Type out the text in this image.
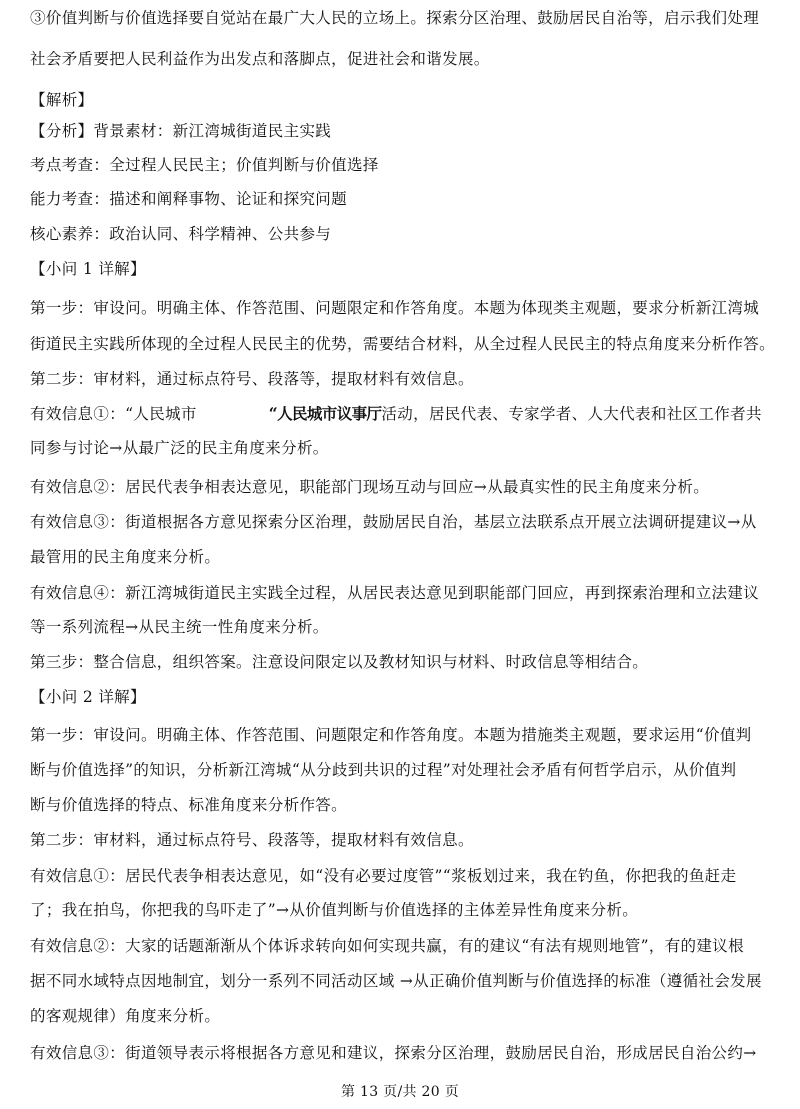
③价值判断与价值选择要自觉站在最广大人民的立场上。探索分区治理、鼓励居民自治等，启示我们处理
社会矛盾要把人民利益作为出发点和落脚点，促进社会和谐发展。
【解析】
【分析】背景素材：新江湾城街道民主实践
考点考查：全过程人民民主；价值判断与价值选择
能力考查：描述和阐释事物、论证和探究问题
核心素养：政治认同、科学精神、公共参与
【小问 1 详解】
第一步：审设问。明确主体、作答范围、问题限定和作答角度。本题为体现类主观题，要求分析新江湾城
街道民主实践所体现的全过程人民民主的优势，需要结合材料，从全过程人民民主的特点角度来分析作答。
第二步：审材料，通过标点符号、段落等，提取材料有效信息。
有效信息①：“人民城市	“人民城市议事厅活动，居民代表、专家学者、人大代表和社区工作者共
同参与讨论→从最广泛的民主角度来分析。
有效信息②：居民代表争相表达意见，职能部门现场互动与回应→从最真实性的民主角度来分析。
有效信息③：街道根据各方意见探索分区治理，鼓励居民自治，基层立法联系点开展立法调研提建议→从
最管用的民主角度来分析。
有效信息④：新江湾城街道民主实践全过程，从居民表达意见到职能部门回应，再到探索治理和立法建议
等一系列流程→从民主统一性角度来分析。
第三步：整合信息，组织答案。注意设问限定以及教材知识与材料、时政信息等相结合。
【小问 2 详解】
第一步：审设问。明确主体、作答范围、问题限定和作答角度。本题为措施类主观题，要求运用“价值判
断与价值选择”的知识，分析新江湾城“从分歧到共识的过程”对处理社会矛盾有何哲学启示，从价值判
断与价值选择的特点、标准角度来分析作答。
第二步：审材料，通过标点符号、段落等，提取材料有效信息。
有效信息①：居民代表争相表达意见，如“没有必要过度管”“浆板划过来，我在钓鱼，你把我的鱼赶走
了；我在拍鸟，你把我的鸟吓走了”→从价值判断与价值选择的主体差异性角度来分析。
有效信息②：大家的话题渐渐从个体诉求转向如何实现共赢，有的建议“有法有规则地管”，有的建议根
据不同水域特点因地制宜，划分一系列不同活动区域 →从正确价值判断与价值选择的标准（遵循社会发展
的客观规律）角度来分析。
有效信息③：街道领导表示将根据各方意见和建议，探索分区治理，鼓励居民自治，形成居民自治公约→
第 13 页/共 20 页
